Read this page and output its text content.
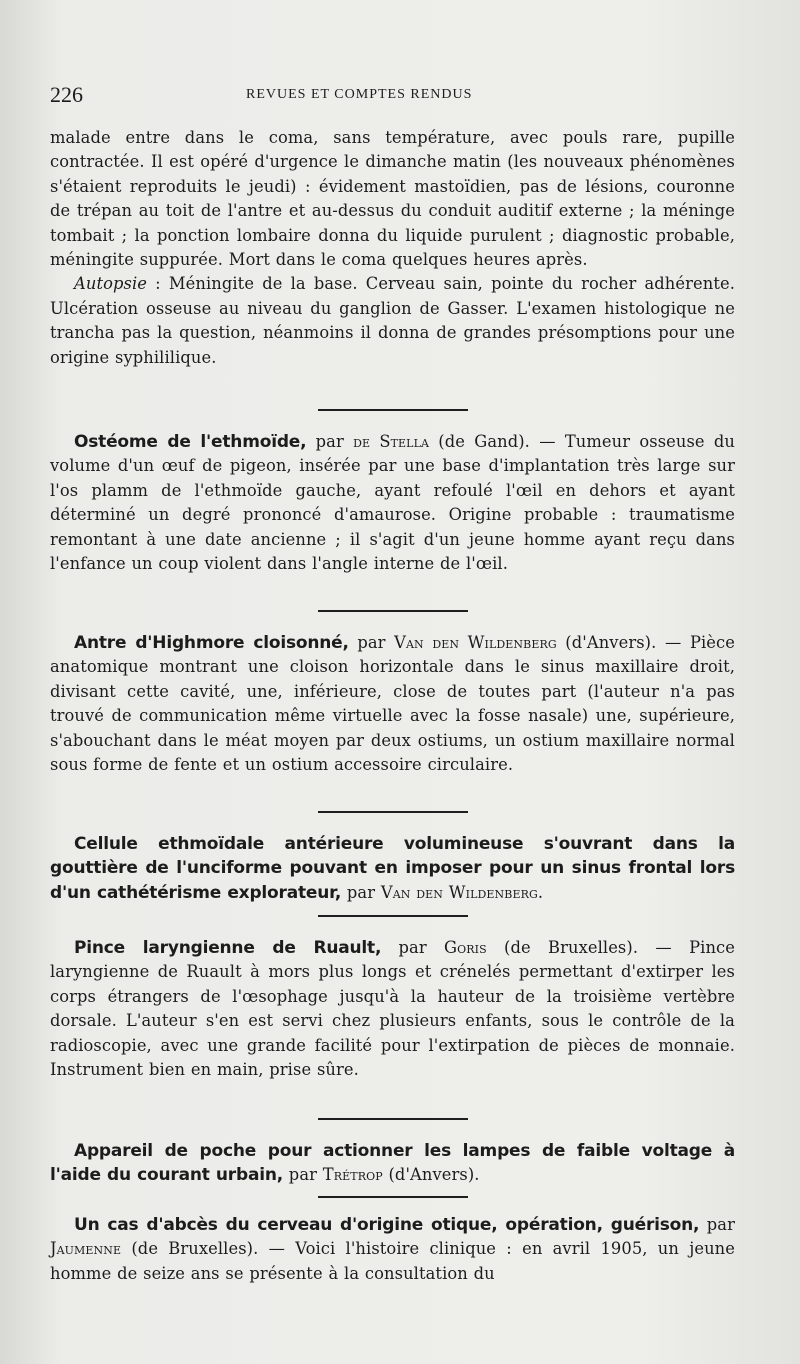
226	REVUES ET COMPTES RENDUS
malade entre dans le coma, sans température, avec pouls rare, pupille contractée. Il est opéré d'urgence le dimanche matin (les nouveaux phénomènes s'étaient reproduits le jeudi) : évidement mastoïdien, pas de lésions, couronne de trépan au toit de l'antre et au-dessus du conduit auditif externe ; la méninge tombait ; la ponction lombaire donna du liquide purulent ; diagnostic probable, méningite suppurée. Mort dans le coma quelques heures après.
Autopsie : Méningite de la base. Cerveau sain, pointe du rocher adhérente. Ulcération osseuse au niveau du ganglion de Gasser. L'examen histologique ne trancha pas la question, néanmoins il donna de grandes présomptions pour une origine syphililique.
Ostéome de l'ethmoïde, par de Stella (de Gand). — Tumeur osseuse du volume d'un œuf de pigeon, insérée par une base d'implantation très large sur l'os plamm de l'ethmoïde gauche, ayant refoulé l'œil en dehors et ayant déterminé un degré prononcé d'amaurose. Origine probable : traumatisme remontant à une date ancienne ; il s'agit d'un jeune homme ayant reçu dans l'enfance un coup violent dans l'angle interne de l'œil.
Antre d'Highmore cloisonné, par Van den Wildenberg (d'Anvers). — Pièce anatomique montrant une cloison horizontale dans le sinus maxillaire droit, divisant cette cavité, une, inférieure, close de toutes part (l'auteur n'a pas trouvé de communication même virtuelle avec la fosse nasale) une, supérieure, s'abouchant dans le méat moyen par deux ostiums, un ostium maxillaire normal sous forme de fente et un ostium accessoire circulaire.
Cellule ethmoïdale antérieure volumineuse s'ouvrant dans la gouttière de l'unciforme pouvant en imposer pour un sinus frontal lors d'un cathétérisme explorateur, par Van den Wildenberg.
Pince laryngienne de Ruault, par Goris (de Bruxelles). — Pince laryngienne de Ruault à mors plus longs et crénelés permettant d'extirper les corps étrangers de l'œsophage jusqu'à la hauteur de la troisième vertèbre dorsale. L'auteur s'en est servi chez plusieurs enfants, sous le contrôle de la radioscopie, avec une grande facilité pour l'extirpation de pièces de monnaie. Instrument bien en main, prise sûre.
Appareil de poche pour actionner les lampes de faible voltage à l'aide du courant urbain, par Trétrop (d'Anvers).
Un cas d'abcès du cerveau d'origine otique, opération, guérison, par Jaumenne (de Bruxelles). — Voici l'histoire clinique : en avril 1905, un jeune homme de seize ans se présente à la consultation du
